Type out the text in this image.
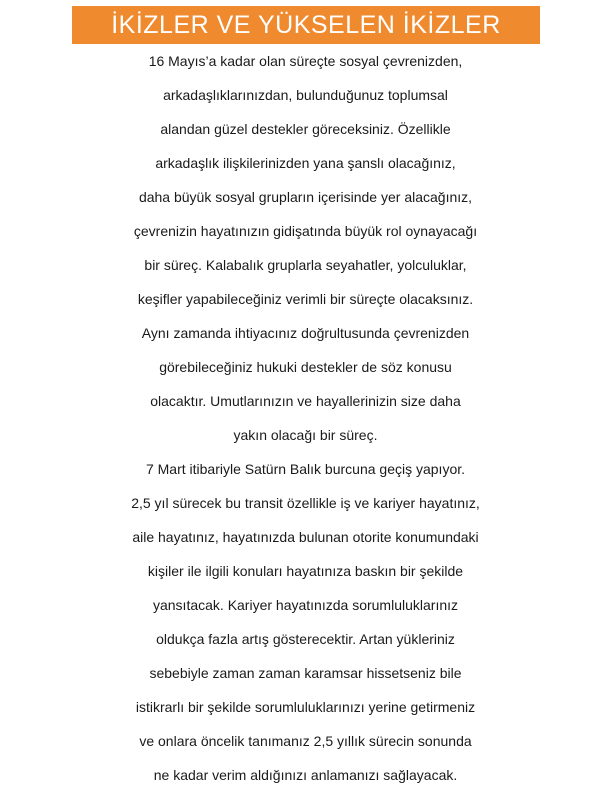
İKİZLER VE YÜKSELEN İKİZLER
16 Mayıs’a kadar olan süreçte sosyal çevrenizden,
arkadaşlıklarınızdan, bulunduğunuz toplumsal
alandan güzel destekler göreceksiniz. Özellikle
arkadaşlık ilişkilerinizden yana şanslı olacağınız,
daha büyük sosyal grupların içerisinde yer alacağınız,
çevrenizin hayatınızın gidişatında büyük rol oynayacağı
bir süreç. Kalabalık gruplarla seyahatler, yolculuklar,
keşifler yapabileceğiniz verimli bir süreçte olacaksınız.
Aynı zamanda ihtiyacınız doğrultusunda çevrenizden
görebileceğiniz hukuki destekler de söz konusu
olacaktır. Umutlarınızın ve hayallerinizin size daha
yakın olacağı bir süreç.
7 Mart itibariyle Satürn Balık burcuna geçiş yapıyor.
2,5 yıl sürecek bu transit özellikle iş ve kariyer hayatınız,
aile hayatınız, hayatınızda bulunan otorite konumundaki
kişiler ile ilgili konuları hayatınıza baskın bir şekilde
yansıtacak. Kariyer hayatınızda sorumluluklarınız
oldukça fazla artış gösterecektir. Artan yükleriniz
sebebiyle zaman zaman karamsar hissetseniz bile
istikrarlı bir şekilde sorumluluklarınızı yerine getirmeniz
ve onlara öncelik tanımanız 2,5 yıllık sürecin sonunda
ne kadar verim aldığınızı anlamanızı sağlayacak.
